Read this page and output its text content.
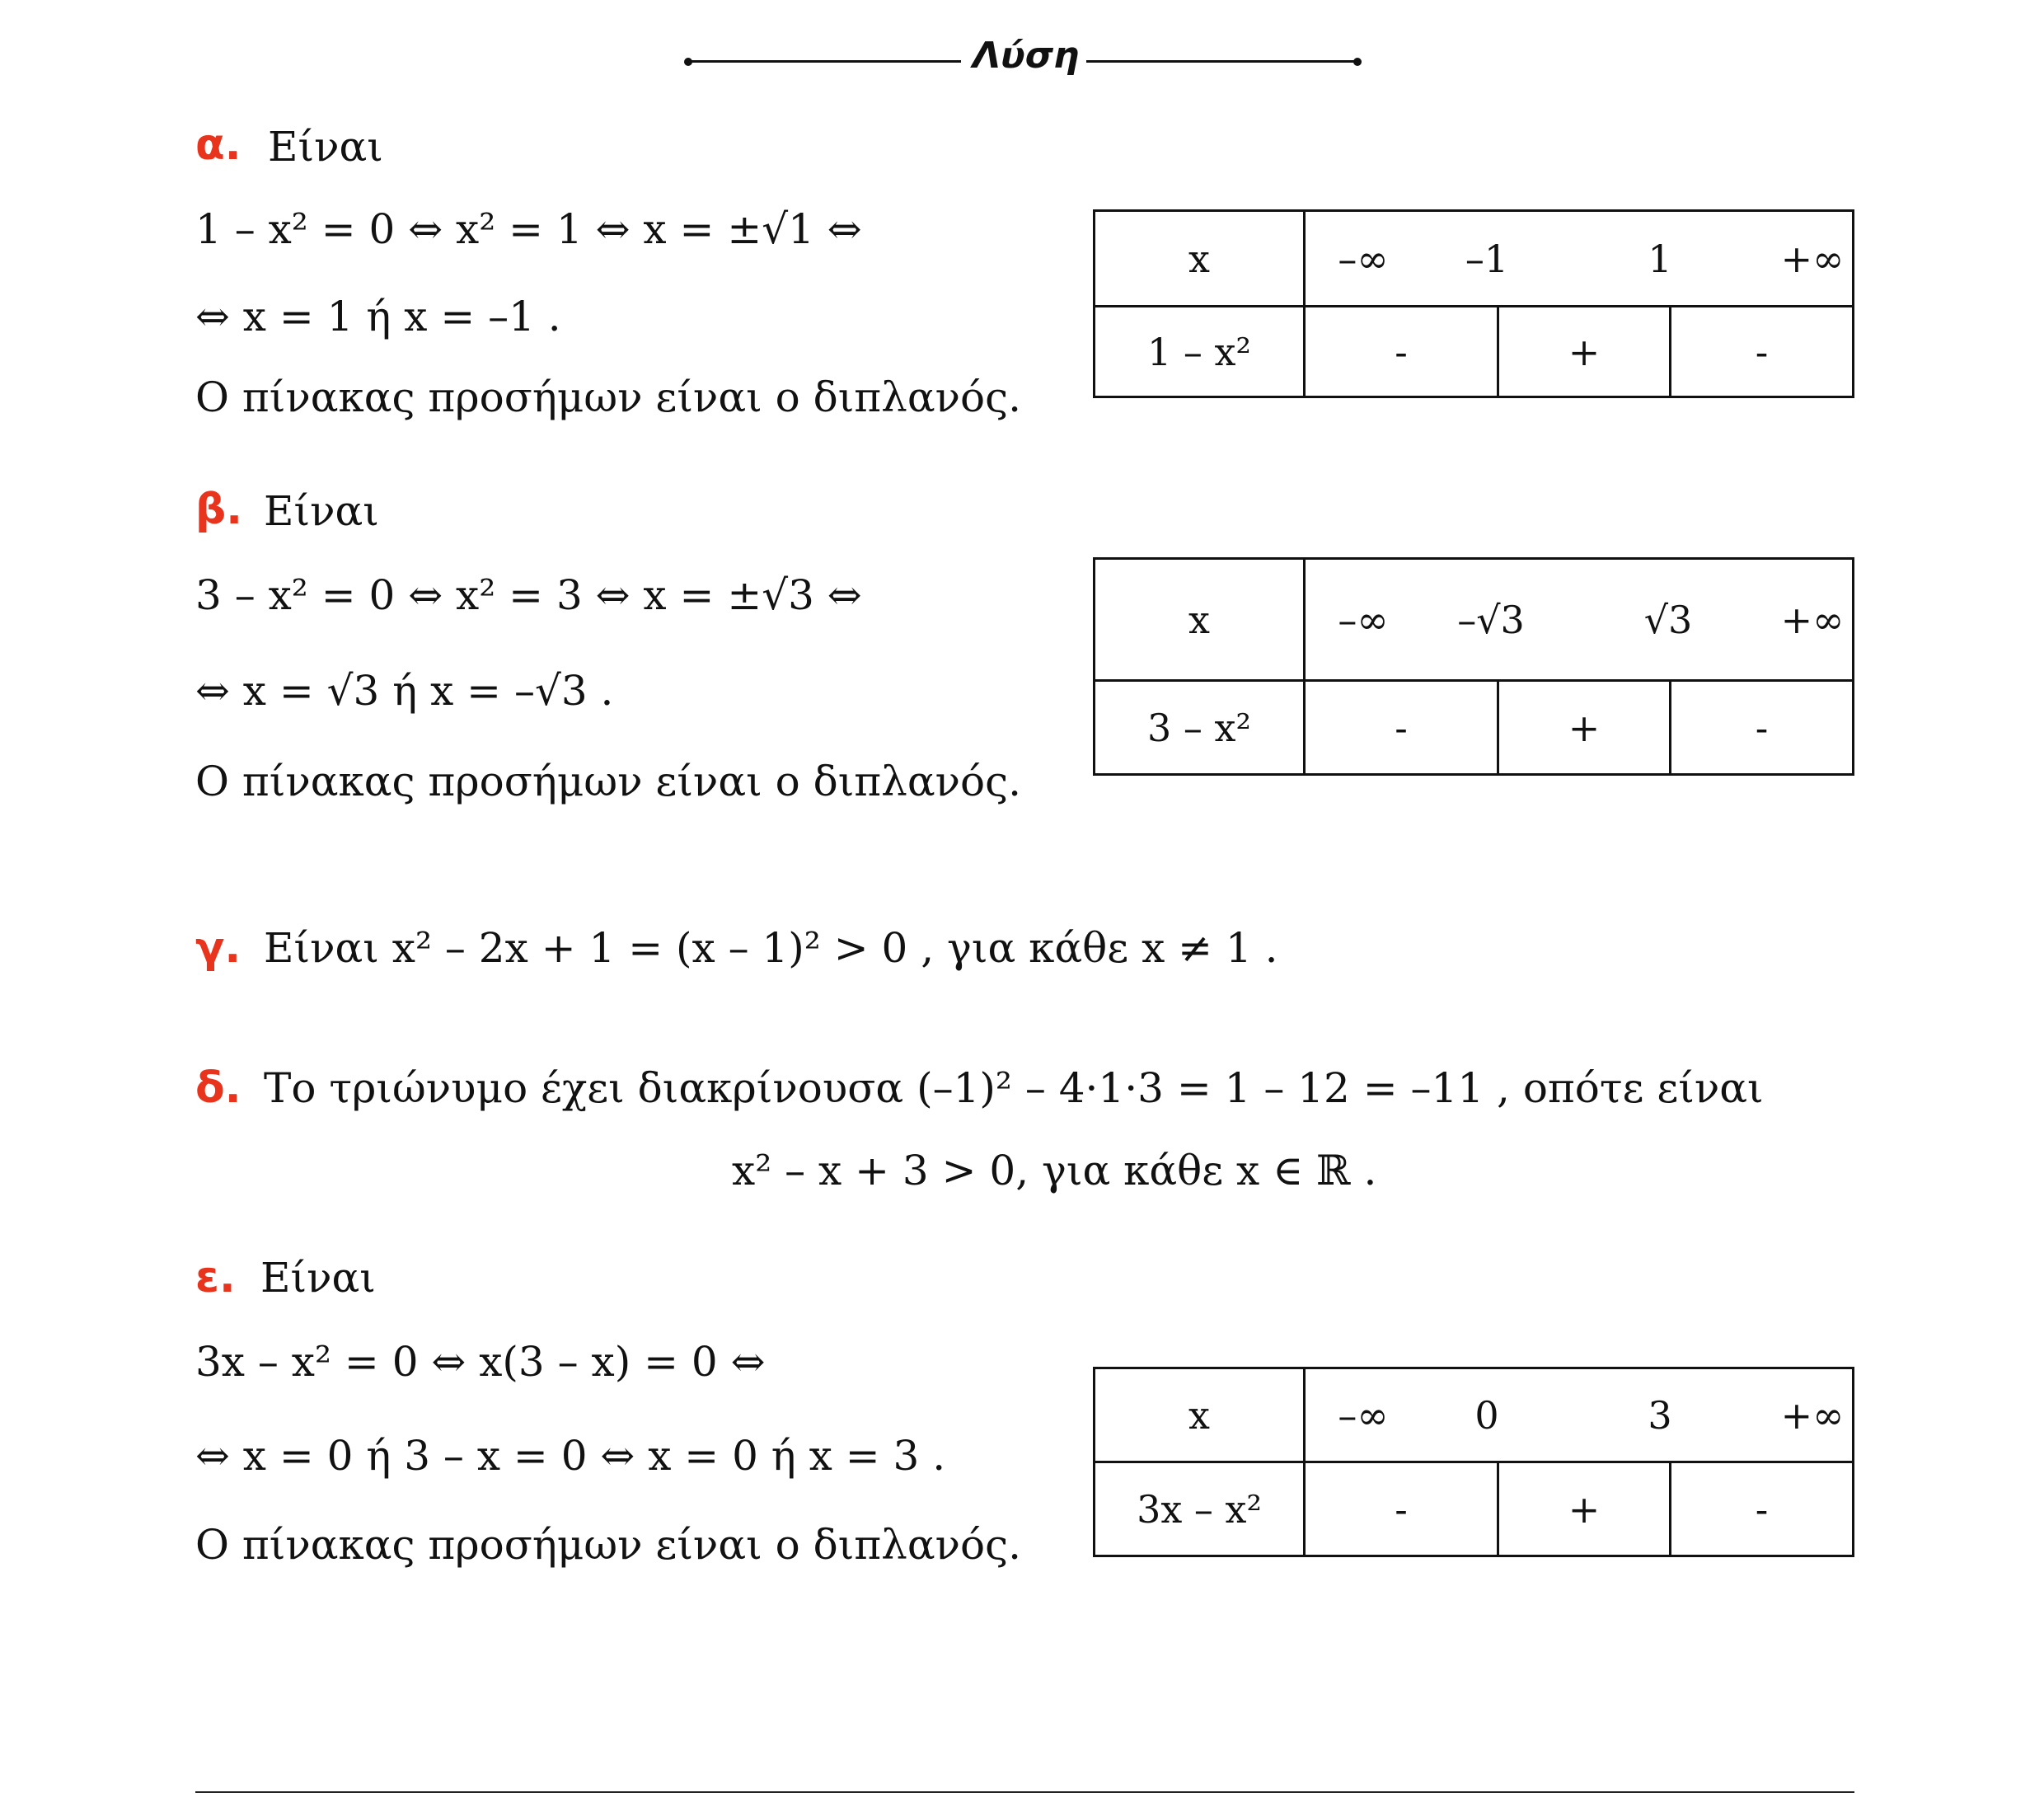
Λύση
α. Είναι
1 – x² = 0 ⇔ x² = 1 ⇔ x = ±√1 ⇔
⇔ x = 1 ή x = –1 .
Ο πίνακας προσήμων είναι ο διπλανός.
x	–∞ –1 1 +∞		

1 – x²	-	+	-
β. Είναι
3 – x² = 0 ⇔ x² = 3 ⇔ x = ±√3 ⇔
⇔ x = √3 ή x = –√3 .
Ο πίνακας προσήμων είναι ο διπλανός.
x	–∞ –√3 √3 +∞		

3 – x²	-	+	-
γ. Είναι x² – 2x + 1 = (x – 1)² > 0 , για κάθε x ≠ 1 .
δ. Το τριώνυμο έχει διακρίνουσα (–1)² – 4·1·3 = 1 – 12 = –11 , οπότε είναι
x² – x + 3 > 0, για κάθε x ∈ ℝ .
ε. Είναι
3x – x² = 0 ⇔ x(3 – x) = 0 ⇔
⇔ x = 0 ή 3 – x = 0 ⇔ x = 0 ή x = 3 .
Ο πίνακας προσήμων είναι ο διπλανός.
x	–∞ 0 3 +∞		

3x – x²	-	+	-
